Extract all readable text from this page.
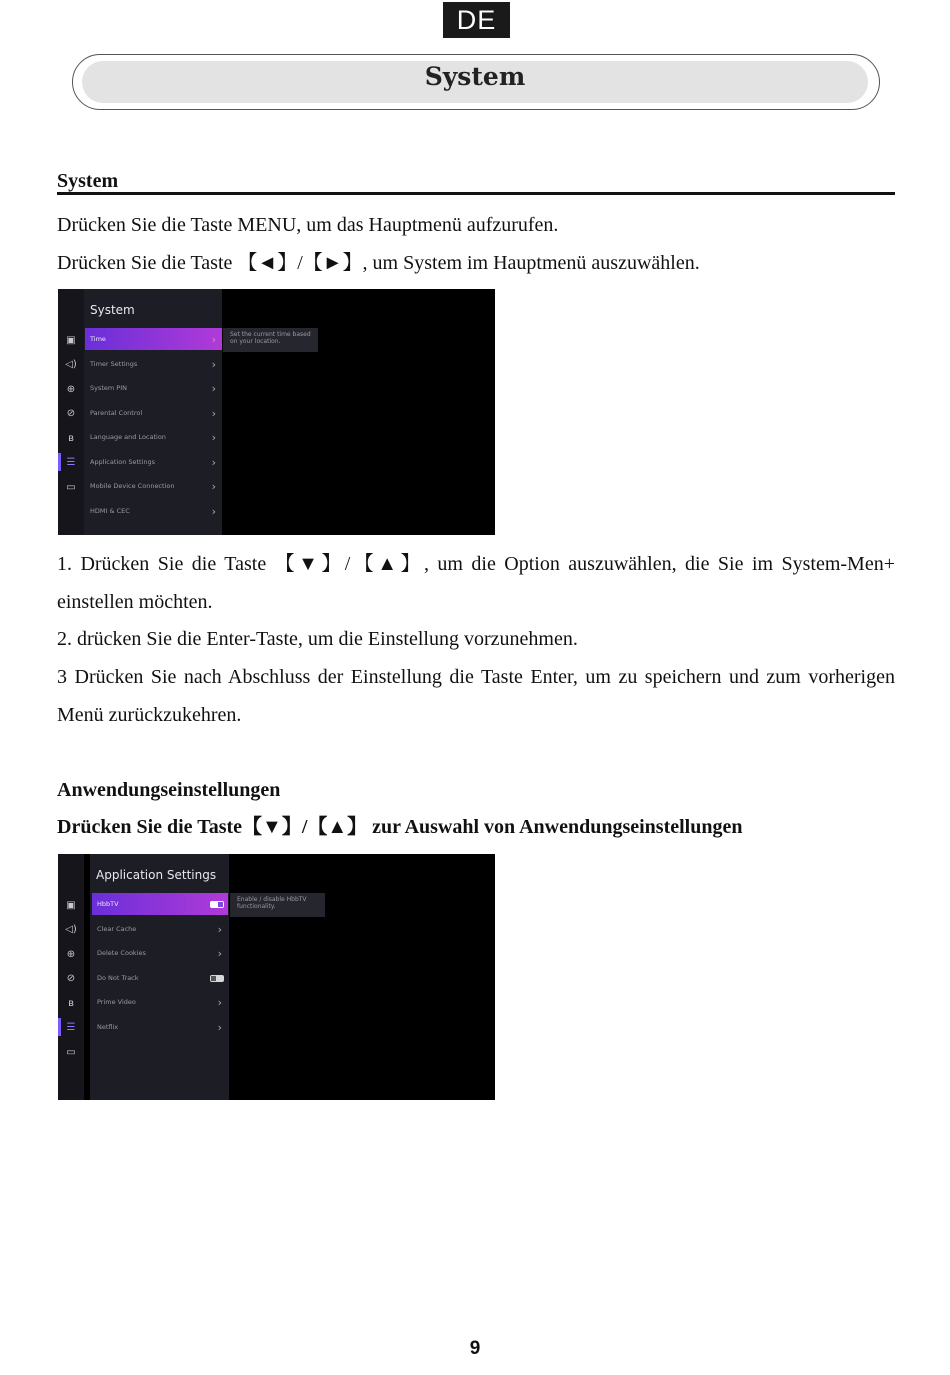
DE
System
System
Drücken Sie die Taste MENU, um das Hauptmenü aufzurufen.
Drücken Sie die Taste 【◄】/【►】, um System im Hauptmenü auszuwählen.
▣
◁)
⊕
⊘
ʙ
☰
▭
System
Time	›
Timer Settings	›
System PIN	›
Parental Control	›
Language and Location	›
Application Settings	›
Mobile Device Connection	›
HDMI & CEC	›
Set the current time based on your location.
1. Drücken Sie die Taste 【▼】/【▲】, um die Option auszuwählen, die Sie im System-Men+ einstellen möchten.
2. drücken Sie die Enter-Taste, um die Einstellung vorzunehmen.
3 Drücken Sie nach Abschluss der Einstellung die Taste Enter, um zu speichern und zum vorherigen Menü zurückzukehren.
Anwendungseinstellungen
Drücken Sie die Taste【▼】/【▲】 zur Auswahl von Anwendungseinstellungen
▣
◁)
⊕
⊘
ʙ
☰
▭
Application Settings
HbbTV
Clear Cache	›
Delete Cookies	›
Do Not Track
Prime Video	›
Netflix	›
Enable / disable HbbTV functionality.
9
